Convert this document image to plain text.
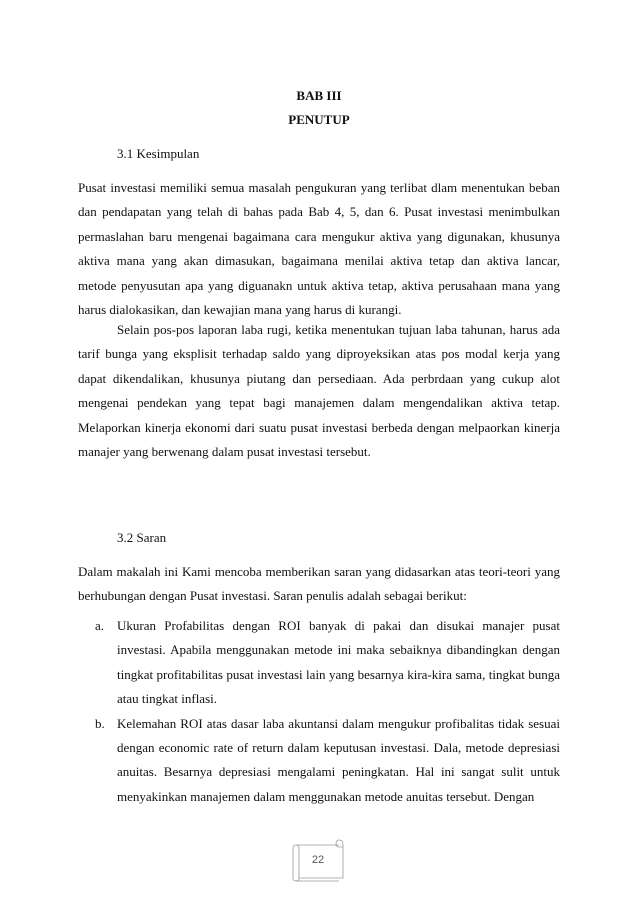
BAB III
PENUTUP
3.1 Kesimpulan

Pusat investasi memiliki semua masalah pengukuran yang terlibat dlam menentukan beban dan pendapatan yang telah di bahas pada Bab 4, 5, dan 6. Pusat investasi menimbulkan permaslahan baru mengenai bagaimana cara mengukur aktiva yang digunakan, khusunya aktiva mana yang akan dimasukan, bagaimana menilai aktiva tetap dan aktiva lancar, metode penyusutan apa yang diguanakn untuk aktiva tetap, aktiva perusahaan mana yang harus dialokasikan, dan kewajian mana yang harus di kurangi.

Selain pos-pos laporan laba rugi, ketika menentukan tujuan laba tahunan, harus ada tarif bunga yang eksplisit terhadap saldo yang diproyeksikan atas pos modal kerja yang dapat dikendalikan, khusunya piutang dan persediaan. Ada perbrdaan yang cukup alot mengenai pendekan yang tepat bagi manajemen dalam mengendalikan aktiva tetap. Melaporkan kinerja ekonomi dari suatu pusat investasi berbeda dengan melpaorkan kinerja manajer yang berwenang dalam pusat investasi tersebut.

3.2 Saran

Dalam makalah ini Kami mencoba memberikan saran yang didasarkan atas teori-teori yang berhubungan dengan Pusat investasi. Saran penulis adalah sebagai berikut:

a. Ukuran Profabilitas dengan ROI banyak di pakai dan disukai manajer pusat investasi. Apabila menggunakan metode ini maka sebaiknya dibandingkan dengan tingkat profitabilitas pusat investasi lain yang besarnya kira-kira sama, tingkat bunga atau tingkat inflasi.
b. Kelemahan ROI atas dasar laba akuntansi dalam mengukur profibalitas tidak sesuai dengan economic rate of return dalam keputusan investasi. Dala, metode depresiasi anuitas. Besarnya depresiasi mengalami peningkatan. Hal ini sangat sulit untuk menyakinkan manajemen dalam menggunakan metode anuitas tersebut. Dengan
22
